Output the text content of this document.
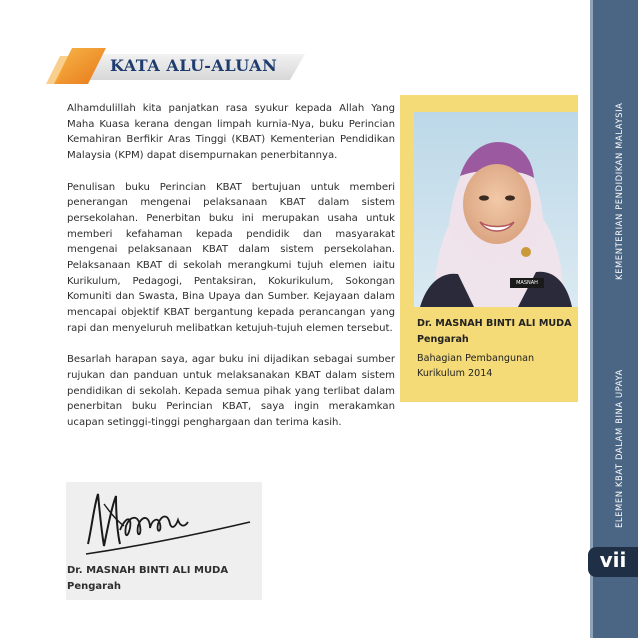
KATA ALU-ALUAN

Alhamdulillah kita panjatkan rasa syukur kepada Allah Yang Maha Kuasa kerana dengan limpah kurnia-Nya, buku Perincian Kemahiran Berfikir Aras Tinggi (KBAT) Kementerian Pendidikan Malaysia (KPM) dapat disempurnakan penerbitannya.

Penulisan buku Perincian KBAT bertujuan untuk memberi penerangan mengenai pelaksanaan KBAT dalam sistem persekolahan. Penerbitan buku ini merupakan usaha untuk memberi kefahaman kepada pendidik dan masyarakat mengenai pelaksanaan KBAT dalam sistem persekolahan. Pelaksanaan KBAT di sekolah merangkumi tujuh elemen iaitu Kurikulum, Pedagogi, Pentaksiran, Kokurikulum, Sokongan Komuniti dan Swasta, Bina Upaya dan Sumber. Kejayaan dalam mencapai objektif KBAT bergantung kepada perancangan yang rapi dan menyeluruh melibatkan ketujuh-tujuh elemen tersebut.

Besarlah harapan saya, agar buku ini dijadikan sebagai sumber rujukan dan panduan untuk melaksanakan KBAT dalam sistem pendidikan di sekolah. Kepada semua pihak yang terlibat dalam penerbitan buku Perincian KBAT, saya ingin merakamkan ucapan setinggi-tinggi penghargaan dan terima kasih.

Dr. MASNAH BINTI ALI MUDA
Pengarah
MASNAH
Dr. MASNAH BINTI ALI MUDA
Pengarah
Bahagian Pembangunan Kurikulum 2014
KEMENTERIAN PENDIDIKAN MALAYSIA
ELEMEN KBAT DALAM BINA UPAYA
vii
